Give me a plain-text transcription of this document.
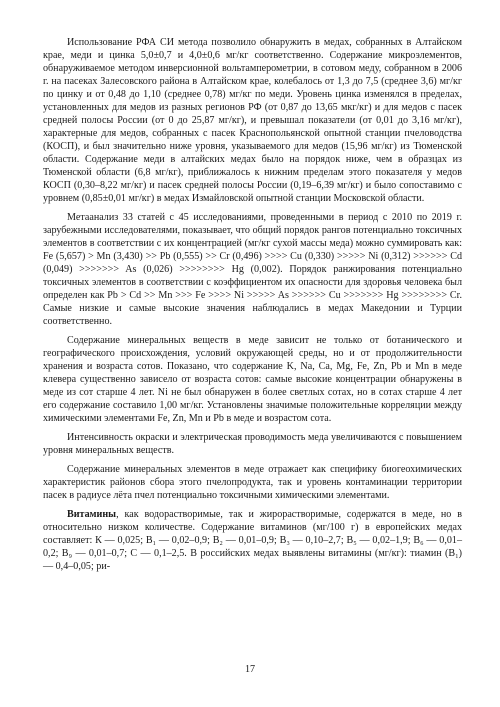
Использование РФА СИ метода позволило обнаружить в медах, собранных в Алтайском крае, меди и цинка 5,0±0,7 и 4,0±0,6 мг/кг соответственно. Содержание микроэлементов, обнаруживаемое методом инверсионной вольтамперометрии, в сотовом меду, собранном в 2006 г. на пасеках Залесовского района в Алтайском крае, колебалось от 1,3 до 7,5 (среднее 3,6) мг/кг по цинку и от 0,48 до 1,10 (среднее 0,78) мг/кг по меди. Уровень цинка изменялся в пределах, установленных для медов из разных регионов РФ (от 0,87 до 13,65 мкг/кг) и для медов с пасек средней полосы России (от 0 до 25,87 мг/кг), и превышал показатели (от 0,01 до 3,16 мг/кг), характерные для медов, собранных с пасек Краснопольянской опытной станции пчеловодства (КОСП), и был значительно ниже уровня, указываемого для медов (15,96 мг/кг) из Тюменской области. Содержание меди в алтайских медах было на порядок ниже, чем в образцах из Тюменской области (6,8 мг/кг), приближалось к нижним пределам этого показателя у медов КОСП (0,30–8,22 мг/кг) и пасек средней полосы России (0,19–6,39 мг/кг) и было сопоставимо с уровнем (0,85±0,01 мг/кг) в медах Измайловской опытной станции Московской области.

Метаанализ 33 статей с 45 исследованиями, проведенными в период с 2010 по 2019 г. зарубежными исследователями, показывает, что общий порядок рангов потенциально токсичных элементов в соответствии с их концентрацией (мг/кг сухой массы меда) можно суммировать как: Fe (5,657) > Mn (3,430) >> Pb (0,555) >> Cr (0,496) >>>> Cu (0,330) >>>>> Ni (0,312) >>>>>> Cd (0,049) >>>>>>> As (0,026) >>>>>>>> Hg (0,002). Порядок ранжирования потенциально токсичных элементов в соответствии с коэффициентом их опасности для здоровья человека был определен как Pb > Cd >> Mn >>> Fe >>>> Ni >>>>> As >>>>>> Cu >>>>>>> Hg >>>>>>>> Cr. Самые низкие и самые высокие значения наблюдались в медах Македонии и Турции соответственно.

Содержание минеральных веществ в меде зависит не только от ботанического и географического происхождения, условий окружающей среды, но и от продолжительности хранения и возраста сотов. Показано, что содержание K, Na, Ca, Mg, Fe, Zn, Pb и Mn в меде клевера существенно зависело от возраста сотов: самые высокие концентрации обнаружены в меде из сот старше 4 лет. Ni не был обнаружен в более светлых сотах, но в сотах старше 4 лет его содержание составило 1,00 мг/кг. Установлены значимые положительные корреляции между химическими элементами Fe, Zn, Mn и Pb в меде и возрастом сота.

Интенсивность окраски и электрическая проводимость меда увеличиваются с повышением уровня минеральных веществ.

Содержание минеральных элементов в меде отражает как специфику биогеохимических характеристик районов сбора этого пчелопродукта, так и уровень контаминации территории пасек в радиусе лёта пчел потенциально токсичными химическими элементами.

Витамины, как водорастворимые, так и жирорастворимые, содержатся в меде, но в относительно низком количестве. Содержание витаминов (мг/100 г) в европейских медах составляет: К — 0,025; B₁ — 0,02–0,9; B₂ — 0,01–0,9; B₃ — 0,10–2,7; B₅ — 0,02–1,9; B₆ — 0,01–0,2; B₉ — 0,01–0,7; C — 0,1–2,5. В российских медах выявлены витамины (мг/кг): тиамин (B₁) — 0,4–0,05; ри-

17
